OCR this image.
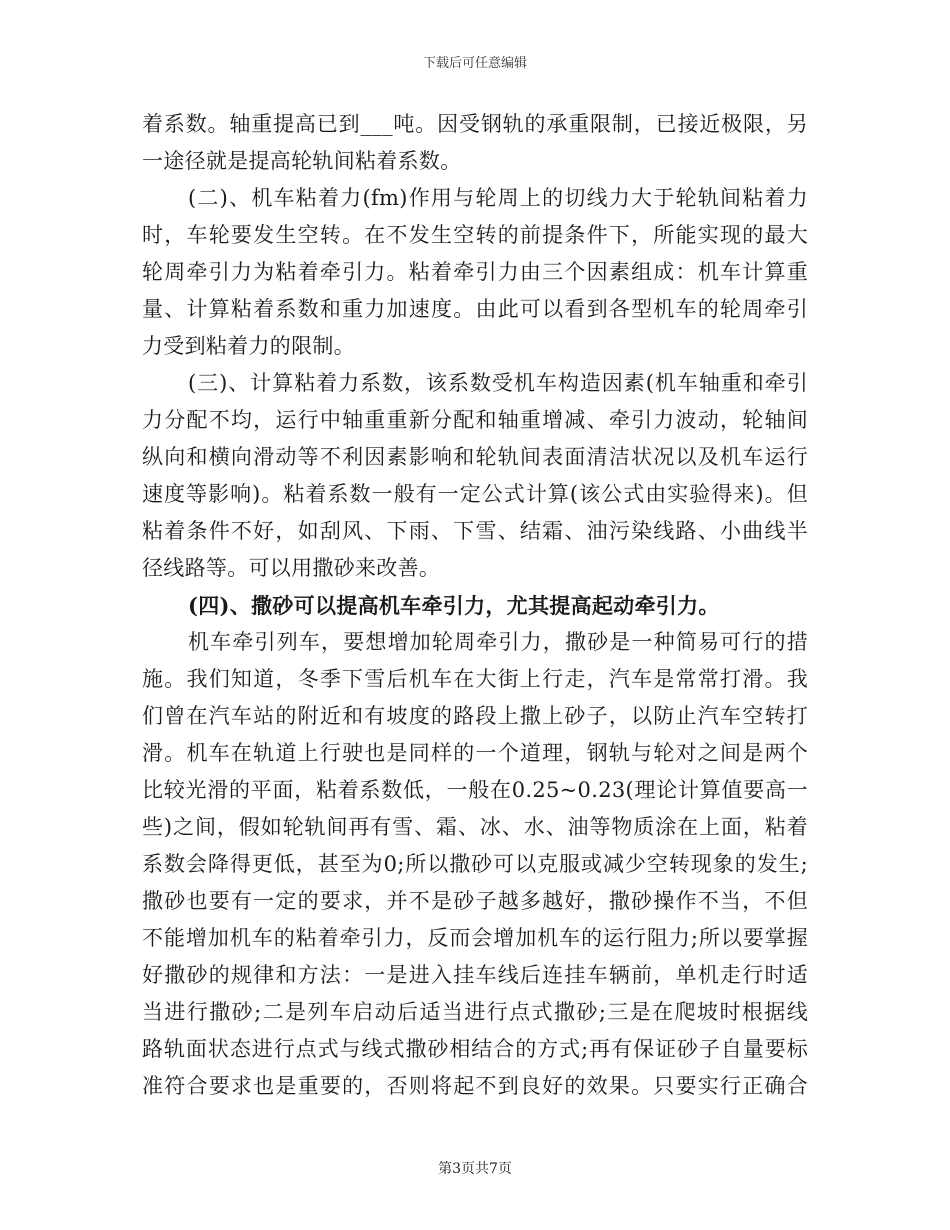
下载后可任意编辑
着系数。轴重提高已到___吨。因受钢轨的承重限制，已接近极限，另
一途径就是提高轮轨间粘着系数。
(二)、机车粘着力(fm)作用与轮周上的切线力大于轮轨间粘着力
时，车轮要发生空转。在不发生空转的前提条件下，所能实现的最大
轮周牵引力为粘着牵引力。粘着牵引力由三个因素组成：机车计算重
量、计算粘着系数和重力加速度。由此可以看到各型机车的轮周牵引
力受到粘着力的限制。
(三)、计算粘着力系数，该系数受机车构造因素(机车轴重和牵引
力分配不均，运行中轴重重新分配和轴重增减、牵引力波动，轮轴间
纵向和横向滑动等不利因素影响和轮轨间表面清洁状况以及机车运行
速度等影响)。粘着系数一般有一定公式计算(该公式由实验得来)。但
粘着条件不好，如刮风、下雨、下雪、结霜、油污染线路、小曲线半
径线路等。可以用撒砂来改善。
(四)、撒砂可以提高机车牵引力，尤其提高起动牵引力。
机车牵引列车，要想增加轮周牵引力，撒砂是一种简易可行的措
施。我们知道，冬季下雪后机车在大街上行走，汽车是常常打滑。我
们曾在汽车站的附近和有坡度的路段上撒上砂子，以防止汽车空转打
滑。机车在轨道上行驶也是同样的一个道理，钢轨与轮对之间是两个
比较光滑的平面，粘着系数低，一般在0.25~0.23(理论计算值要高一
些)之间，假如轮轨间再有雪、霜、冰、水、油等物质涂在上面，粘着
系数会降得更低，甚至为0;所以撒砂可以克服或减少空转现象的发生;
撒砂也要有一定的要求，并不是砂子越多越好，撒砂操作不当，不但
不能增加机车的粘着牵引力，反而会增加机车的运行阻力;所以要掌握
好撒砂的规律和方法：一是进入挂车线后连挂车辆前，单机走行时适
当进行撒砂;二是列车启动后适当进行点式撒砂;三是在爬坡时根据线
路轨面状态进行点式与线式撒砂相结合的方式;再有保证砂子自量要标
准符合要求也是重要的，否则将起不到良好的效果。只要实行正确合
第3页共7页
